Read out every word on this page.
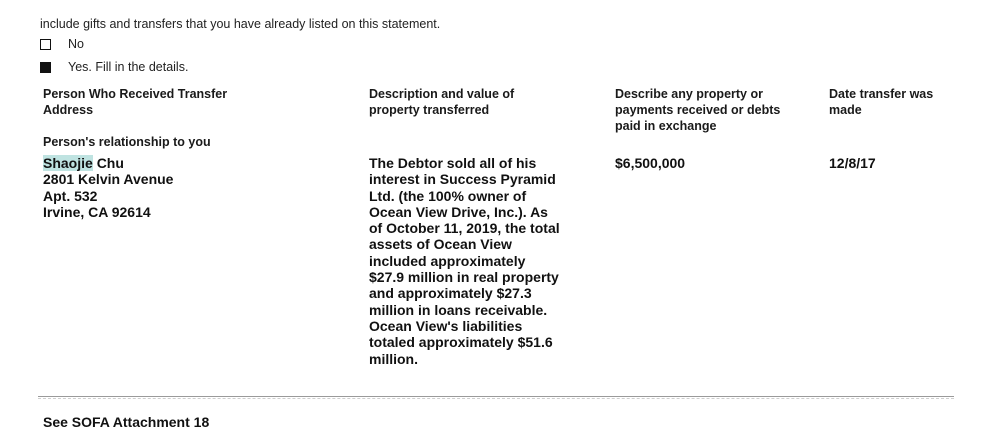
include gifts and transfers that you have already listed on this statement.
No
Yes. Fill in the details.
Person Who Received Transfer
Address
Description and value of
property transferred
Describe any property or
payments received or debts
paid in exchange
Date transfer was
made
Person's relationship to you
Shaojie Chu
2801 Kelvin Avenue
Apt. 532
Irvine, CA 92614
The Debtor sold all of his
interest in Success Pyramid
Ltd. (the 100% owner of
Ocean View Drive, Inc.). As
of October 11, 2019, the total
assets of Ocean View
included approximately
$27.9 million in real property
and approximately $27.3
million in loans receivable.
Ocean View's liabilities
totaled approximately $51.6
million.
$6,500,000	12/8/17
See SOFA Attachment 18
